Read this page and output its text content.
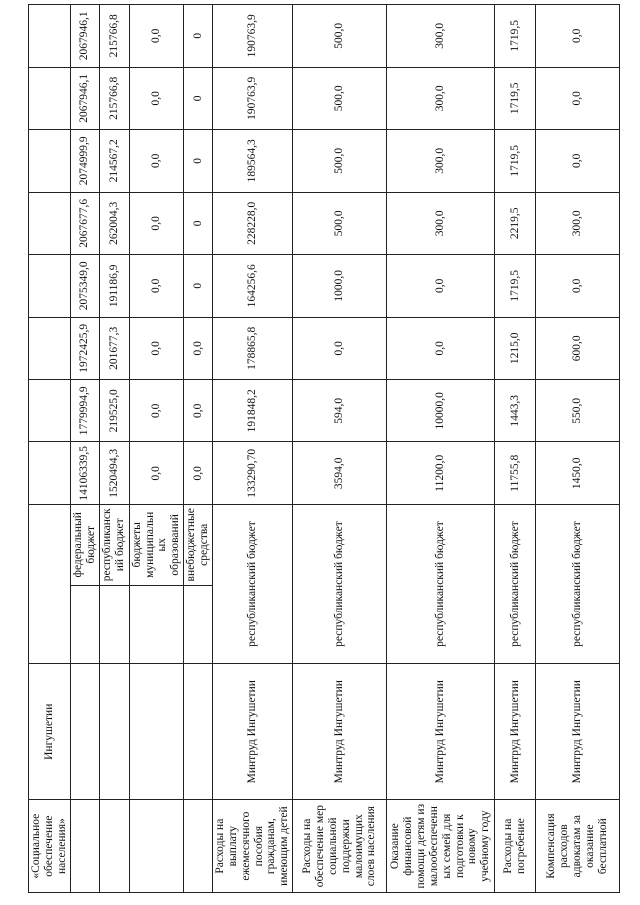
«Социальное обеспечение населения»	Ингушетии										
			федеральный бюджет	14106339,5	1779994,9	1972425,9	2075349,0	2067677,6	2074999,9	2067946,1	2067946,1
			республиканский бюджет	1520494,3	219525,0	201677,3	191186,9	262004,3	214567,2	215766,8	215766,8
			бюджеты муниципальных образований	0,0	0,0	0,0	0,0	0,0	0,0	0,0	0,0
			внебюджетные средства	0,0	0,0	0,0	0	0	0	0	0
Расходы на выплату ежемесячного пособия гражданам, имеющим детей	Минтруд Ингушетии	республиканский бюджет		133290,70	191848,2	178865,8	164256,6	228228,0	189564,3	190763,9	190763,9
Расходы на обеспечение мер социальной поддержки малоимущих слоев населения	Минтруд Ингушетии	республиканский бюджет		3594,0	594,0	0,0	1000,0	500,0	500,0	500,0	500,0
Оказание финансовой помощи детям из малообеспеченных семей для подготовки к новому учебному году	Минтруд Ингушетии	республиканский бюджет		11200,0	10000,0	0,0	0,0	300,0	300,0	300,0	300,0
Расходы на погребение	Минтруд Ингушетии	республиканский бюджет		11755,8	1443,3	1215,0	1719,5	2219,5	1719,5	1719,5	1719,5
Компенсация расходов адвокатам за оказание бесплатной	Минтруд Ингушетии	республиканский бюджет		1450,0	550,0	600,0	0,0	300,0	0,0	0,0	0,0
